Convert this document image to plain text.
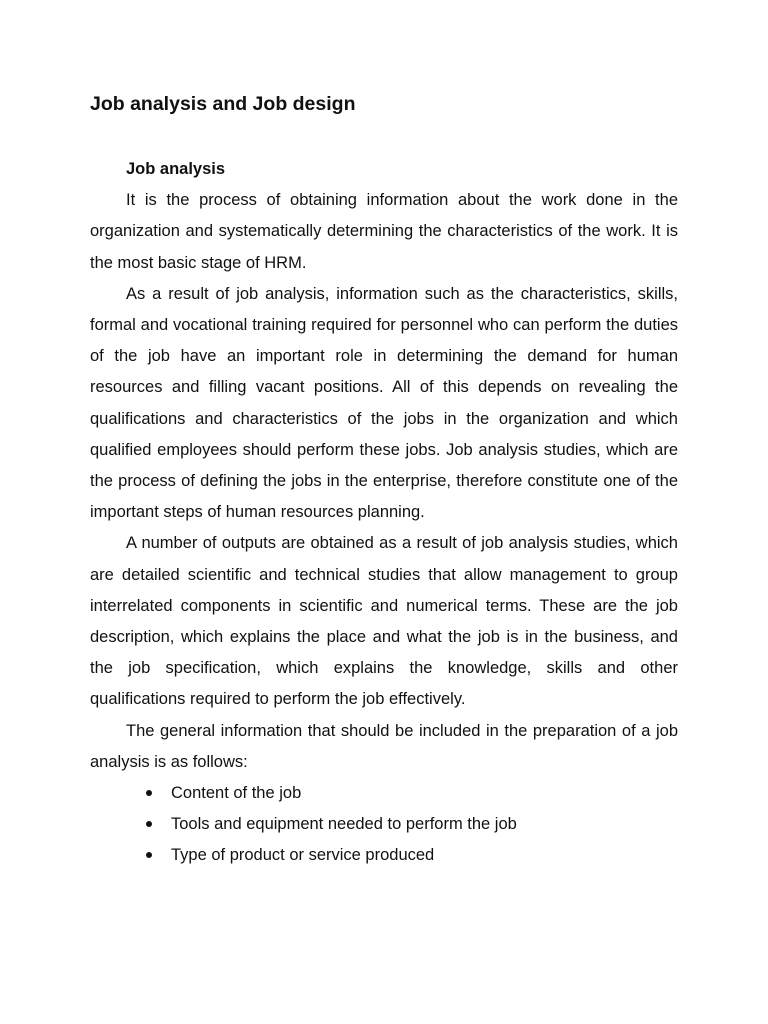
Job analysis and Job design
Job analysis

It is the process of obtaining information about the work done in the organization and systematically determining the characteristics of the work. It is the most basic stage of HRM.

As a result of job analysis, information such as the characteristics, skills, formal and vocational training required for personnel who can perform the duties of the job have an important role in determining the demand for human resources and filling vacant positions. All of this depends on revealing the qualifications and characteristics of the jobs in the organization and which qualified employees should perform these jobs. Job analysis studies, which are the process of defining the jobs in the enterprise, therefore constitute one of the important steps of human resources planning.

A number of outputs are obtained as a result of job analysis studies, which are detailed scientific and technical studies that allow management to group interrelated components in scientific and numerical terms. These are the job description, which explains the place and what the job is in the business, and the job specification, which explains the knowledge, skills and other qualifications required to perform the job effectively.

The general information that should be included in the preparation of a job analysis is as follows:

Content of the job
Tools and equipment needed to perform the job
Type of product or service produced
